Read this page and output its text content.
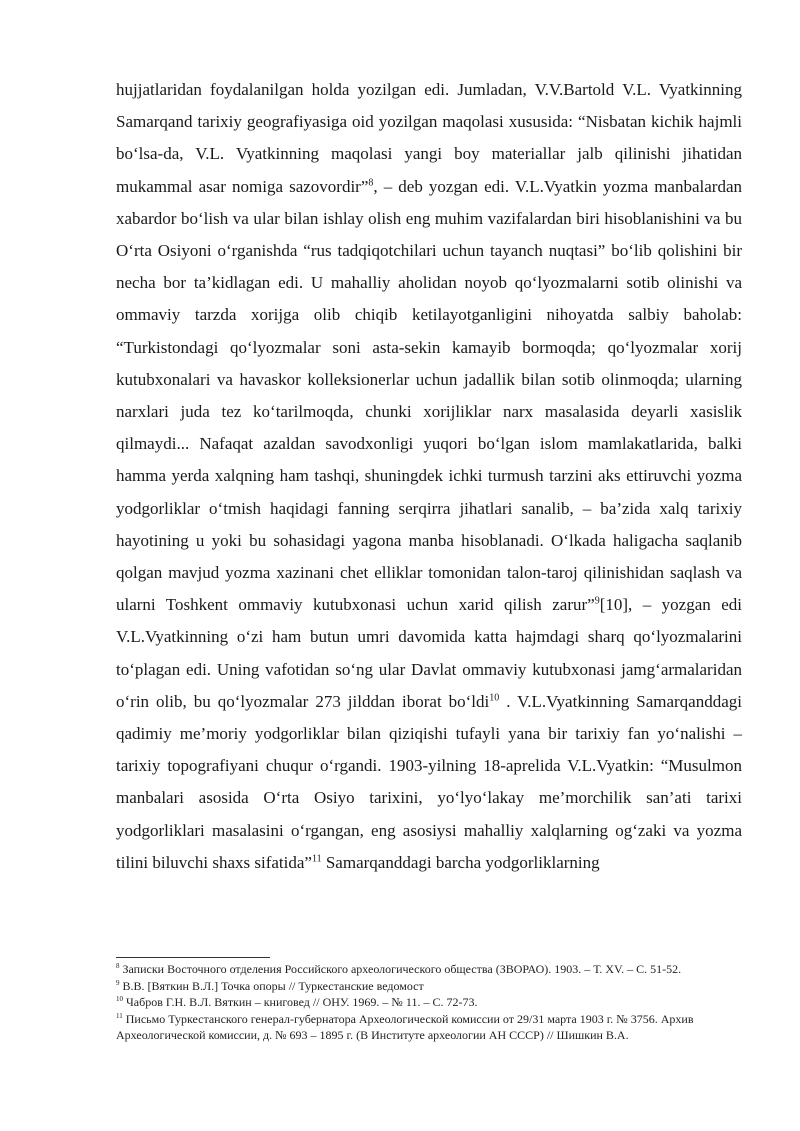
hujjatlaridan foydalanilgan holda yozilgan edi. Jumladan, V.V.Bartold V.L. Vyatkinning Samarqand tarixiy geografiyasiga oid yozilgan maqolasi xususida: “Nisbatan kichik hajmli bo‘lsa-da, V.L. Vyatkinning maqolasi yangi boy materiallar jalb qilinishi jihatidan mukammal asar nomiga sazovordir”$^8$, – deb yozgan edi. V.L.Vyatkin yozma manbalardan xabardor bo‘lish va ular bilan ishlay olish eng muhim vazifalardan biri hisoblanishini va bu O‘rta Osiyoni o‘rganishda “rus tadqiqotchilari uchun tayanch nuqtasi” bo‘lib qolishini bir necha bor ta’kidlagan edi. U mahalliy aholidan noyob qo‘lyozmalarni sotib olinishi va ommaviy tarzda xorijga olib chiqib ketilayotganligini nihoyatda salbiy baholab: “Turkistondagi qo‘lyozmalar soni asta-sekin kamayib bormoqda; qo‘lyozmalar xorij kutubxonalari va havaskor kolleksionerlar uchun jadallik bilan sotib olinmoqda; ularning narxlari juda tez ko‘tarilmoqda, chunki xorijliklar narx masalasida deyarli xasislik qilmaydi... Nafaqat azaldan savodxonligi yuqori bo‘lgan islom mamlakatlarida, balki hamma yerda xalqning ham tashqi, shuningdek ichki turmush tarzini aks ettiruvchi yozma yodgorliklar o‘tmish haqidagi fanning serqirra jihatlari sanalib, – ba’zida xalq tarixiy hayotining u yoki bu sohasidagi yagona manba hisoblanadi. O‘lkada haligacha saqlanib qolgan mavjud yozma xazinani chet elliklar tomonidan talon-taroj qilinishidan saqlash va ularni Toshkent ommaviy kutubxonasi uchun xarid qilish zarur”$^9$[10], – yozgan edi V.L.Vyatkinning o‘zi ham butun umri davomida katta hajmdagi sharq qo‘lyozmalarini to‘plagan edi. Uning vafotidan so‘ng ular Davlat ommaviy kutubxonasi jamg‘armalaridan o‘rin olib, bu qo‘lyozmalar 273 jilddan iborat bo‘ldi$^{10}$ . V.L.Vyatkinning Samarqanddagi qadimiy me’moriy yodgorliklar bilan qiziqishi tufayli yana bir tarixiy fan yo‘nalishi – tarixiy topografiyani chuqur o‘rgandi. 1903-yilning 18-aprelida V.L.Vyatkin: “Musulmon manbalari asosida O‘rta Osiyo tarixini, yo‘lyo‘lakay me’morchilik san’ati tarixi yodgorliklari masalasini o‘rgangan, eng asosiysi mahalliy xalqlarning og‘zaki va yozma tilini biluvchi shaxs sifatida”$^{11}$ Samarqanddagi barcha yodgorliklarning

$^8$ Записки Восточного отделения Российского археологического общества (ЗВОРАО). 1903. – Т. XV. – С. 51-52.

$^9$ В.В. [Вяткин В.Л.] Точка опоры // Туркестанские ведомост

$^{10}$ Чабров Г.Н. В.Л. Вяткин – книговед // ОНУ. 1969. – № 11. – С. 72-73.

$^{11}$ Письмо Туркестанского генерал-губернатора Археологической комиссии от 29/31 марта 1903 г. № 3756. Архив Археологической комиссии, д. № 693 – 1895 г. (В Институте археологии АН СССР) // Шишкин В.А.
